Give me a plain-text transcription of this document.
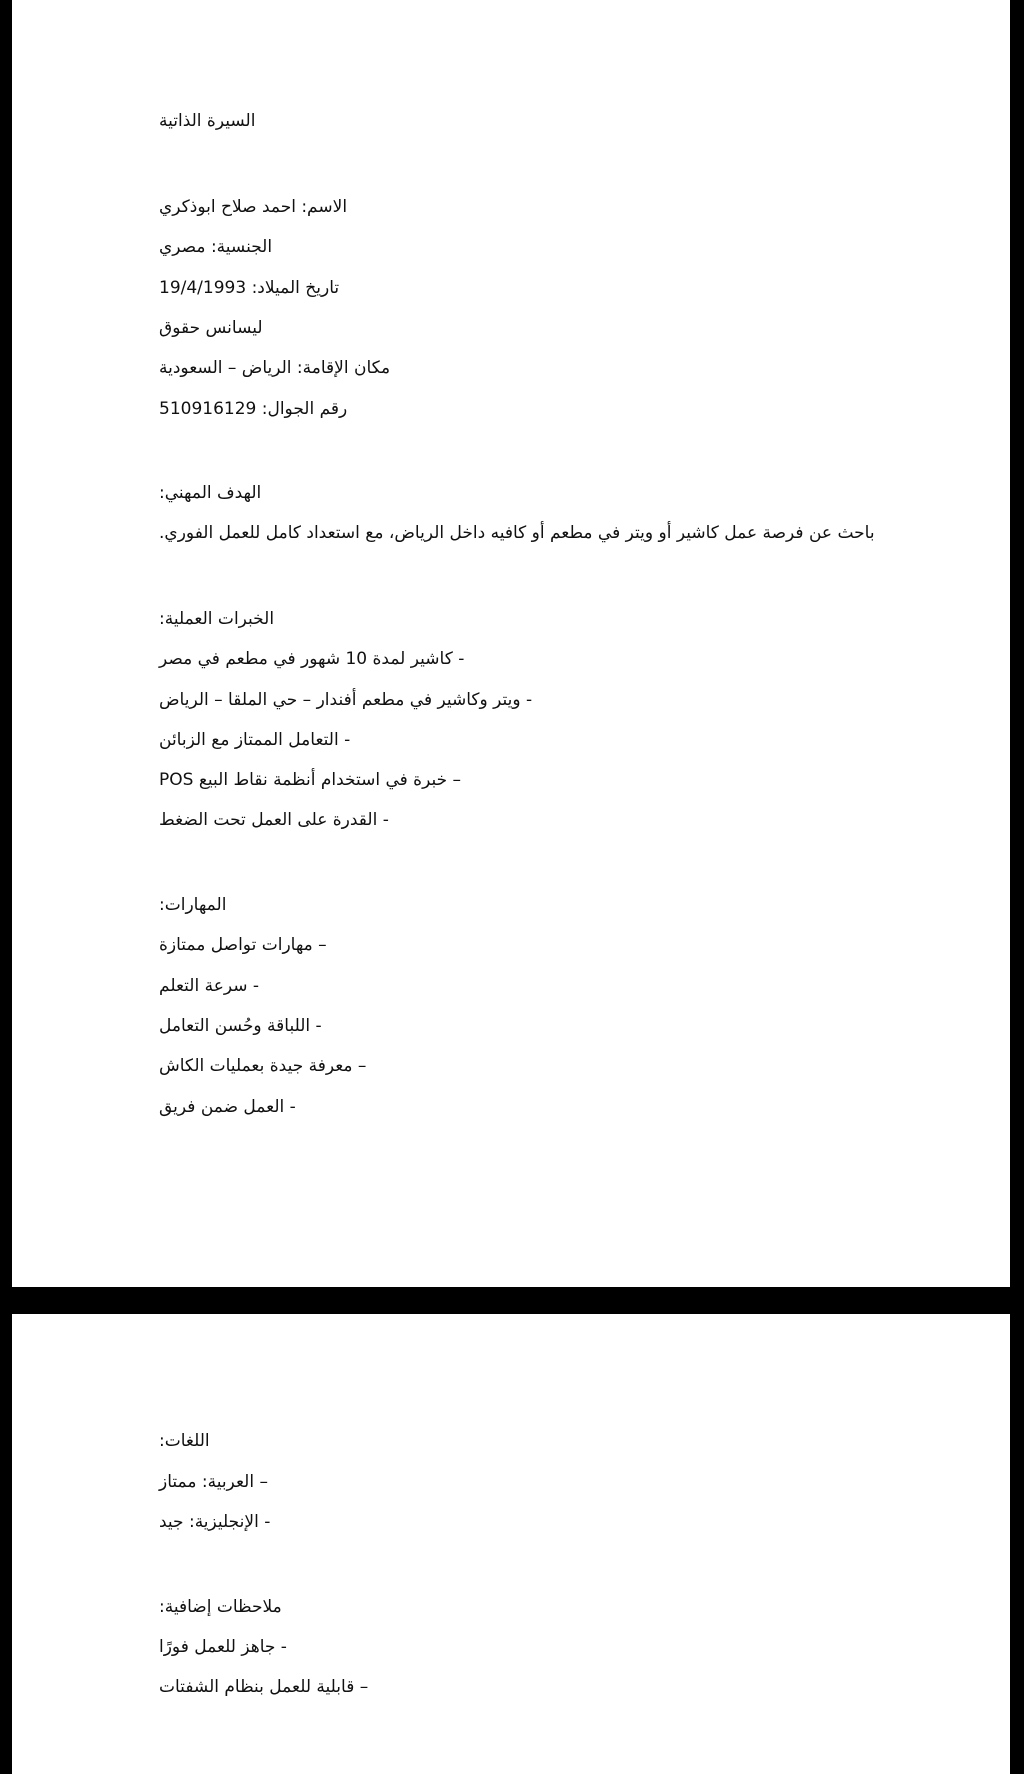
السيرة الذاتية
الاسم: احمد صلاح ابوذكري
الجنسية: مصري
تاريخ الميلاد: 19/4/1993
ليسانس حقوق
مكان الإقامة: الرياض – السعودية
رقم الجوال: 510916129
الهدف المهني:
باحث عن فرصة عمل كاشير أو ويتر في مطعم أو كافيه داخل الرياض، مع استعداد كامل للعمل الفوري.
الخبرات العملية:
- كاشير لمدة 10 شهور في مطعم في مصر
- ويتر وكاشير في مطعم أفندار – حي الملقا – الرياض
- التعامل الممتاز مع الزبائن
– خبرة في استخدام أنظمة نقاط البيع POS
- القدرة على العمل تحت الضغط
المهارات:
– مهارات تواصل ممتازة
- سرعة التعلم
- اللباقة وحُسن التعامل
– معرفة جيدة بعمليات الكاش
- العمل ضمن فريق
اللغات:
– العربية: ممتاز
- الإنجليزية: جيد
ملاحظات إضافية:
- جاهز للعمل فورًا
– قابلية للعمل بنظام الشفتات
